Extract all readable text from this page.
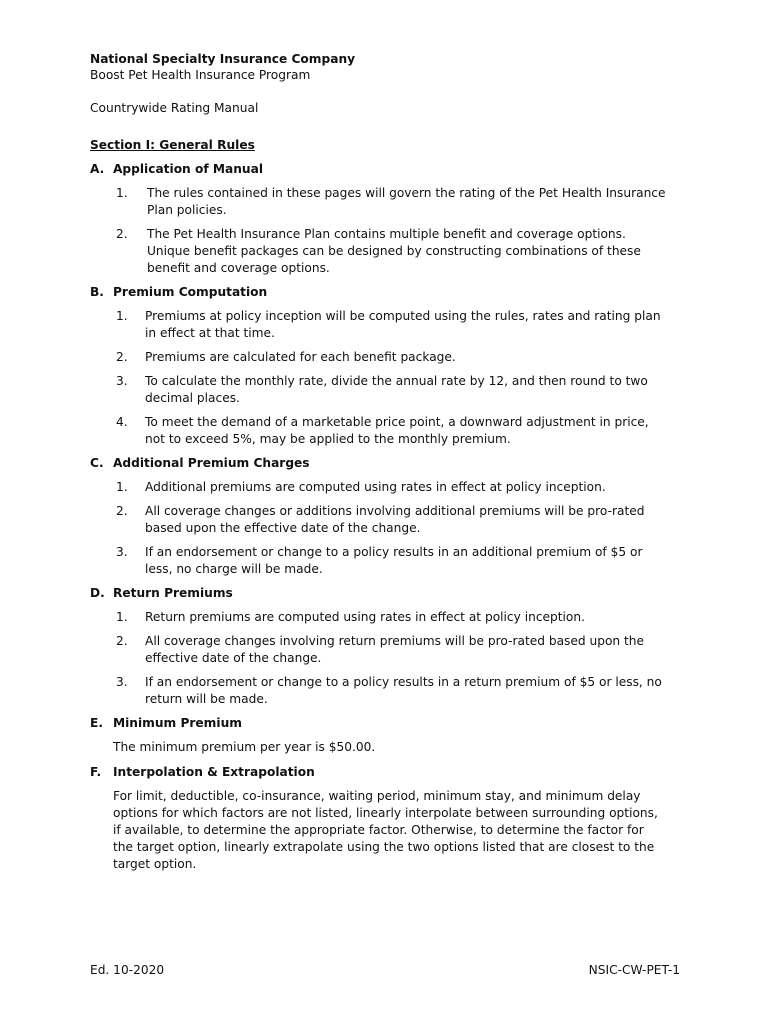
National Specialty Insurance Company
Boost Pet Health Insurance Program
Countrywide Rating Manual
Section I: General Rules
A. Application of Manual
1. The rules contained in these pages will govern the rating of the Pet Health Insurance
Plan policies.
2. The Pet Health Insurance Plan contains multiple benefit and coverage options.
Unique benefit packages can be designed by constructing combinations of these
benefit and coverage options.
B. Premium Computation
1. Premiums at policy inception will be computed using the rules, rates and rating plan
in effect at that time.
2. Premiums are calculated for each benefit package.
3. To calculate the monthly rate, divide the annual rate by 12, and then round to two
decimal places.
4. To meet the demand of a marketable price point, a downward adjustment in price,
not to exceed 5%, may be applied to the monthly premium.
C. Additional Premium Charges
1. Additional premiums are computed using rates in effect at policy inception.
2. All coverage changes or additions involving additional premiums will be pro-rated
based upon the effective date of the change.
3. If an endorsement or change to a policy results in an additional premium of $5 or
less, no charge will be made.
D. Return Premiums
1. Return premiums are computed using rates in effect at policy inception.
2. All coverage changes involving return premiums will be pro-rated based upon the
effective date of the change.
3. If an endorsement or change to a policy results in a return premium of $5 or less, no
return will be made.
E. Minimum Premium
The minimum premium per year is $50.00.
F. Interpolation & Extrapolation
For limit, deductible, co-insurance, waiting period, minimum stay, and minimum delay
options for which factors are not listed, linearly interpolate between surrounding options,
if available, to determine the appropriate factor. Otherwise, to determine the factor for
the target option, linearly extrapolate using the two options listed that are closest to the
target option.
Ed. 10-2020	NSIC-CW-PET-1
